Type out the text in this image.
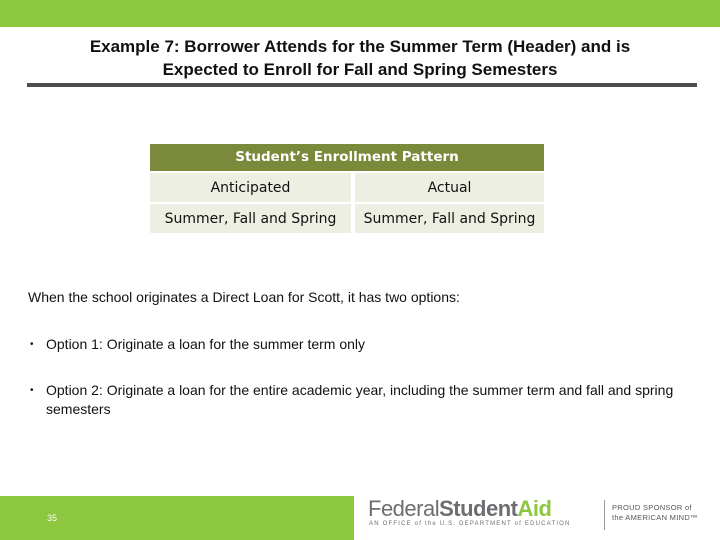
Example 7: Borrower Attends for the Summer Term (Header) and is
Expected to Enroll for Fall and Spring Semesters
Student’s Enrollment Pattern
Anticipated	Actual
Summer, Fall and Spring	Summer, Fall and Spring
When the school originates a Direct Loan for Scott, it has two options:
• Option 1: Originate a loan for the summer term only
• Option 2: Originate a loan for the entire academic year, including the summer term and fall and spring semesters
35	FederalStudentAid
AN OFFICE of the U.S. DEPARTMENT of EDUCATION
PROUD SPONSOR of
the AMERICAN MIND™
